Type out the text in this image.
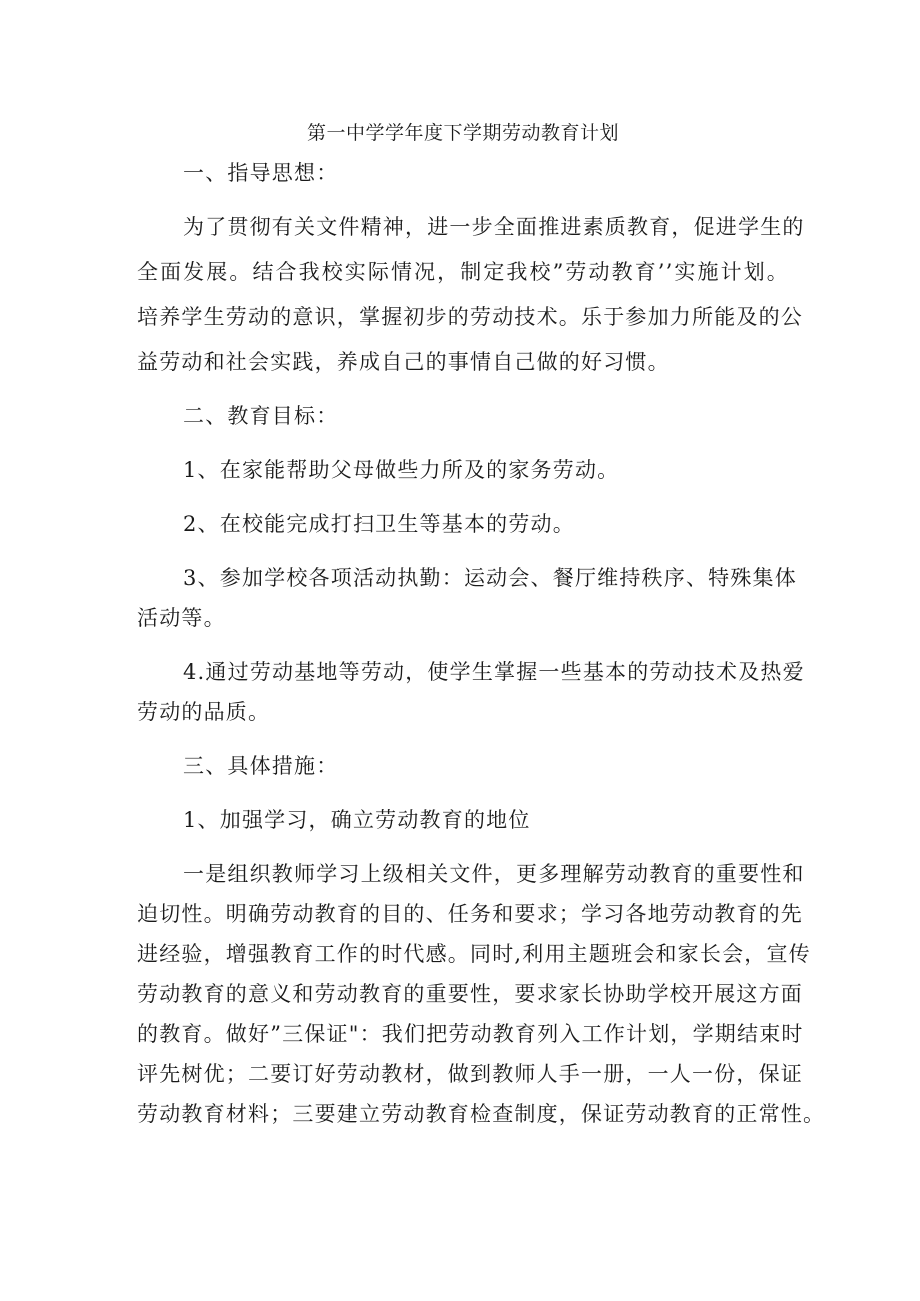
第一中学学年度下学期劳动教育计划
一、指导思想：
为了贯彻有关文件精神，进一步全面推进素质教育，促进学生的
全面发展。结合我校实际情况，制定我校”劳动教育’’实施计划。
培养学生劳动的意识，掌握初步的劳动技术。乐于参加力所能及的公
益劳动和社会实践，养成自己的事情自己做的好习惯。
二、教育目标：
1、在家能帮助父母做些力所及的家务劳动。
2、在校能完成打扫卫生等基本的劳动。
3、参加学校各项活动执勤：运动会、餐厅维持秩序、特殊集体
活动等。
4.通过劳动基地等劳动，使学生掌握一些基本的劳动技术及热爱
劳动的品质。
三、具体措施：
1、加强学习，确立劳动教育的地位
一是组织教师学习上级相关文件，更多理解劳动教育的重要性和
迫切性。明确劳动教育的目的、任务和要求；学习各地劳动教育的先
进经验，增强教育工作的时代感。同时,利用主题班会和家长会，宣传
劳动教育的意义和劳动教育的重要性，要求家长协助学校开展这方面
的教育。做好”三保证"：我们把劳动教育列入工作计划，学期结束时
评先树优；二要订好劳动教材，做到教师人手一册，一人一份，保证
劳动教育材料；三要建立劳动教育检查制度，保证劳动教育的正常性。
